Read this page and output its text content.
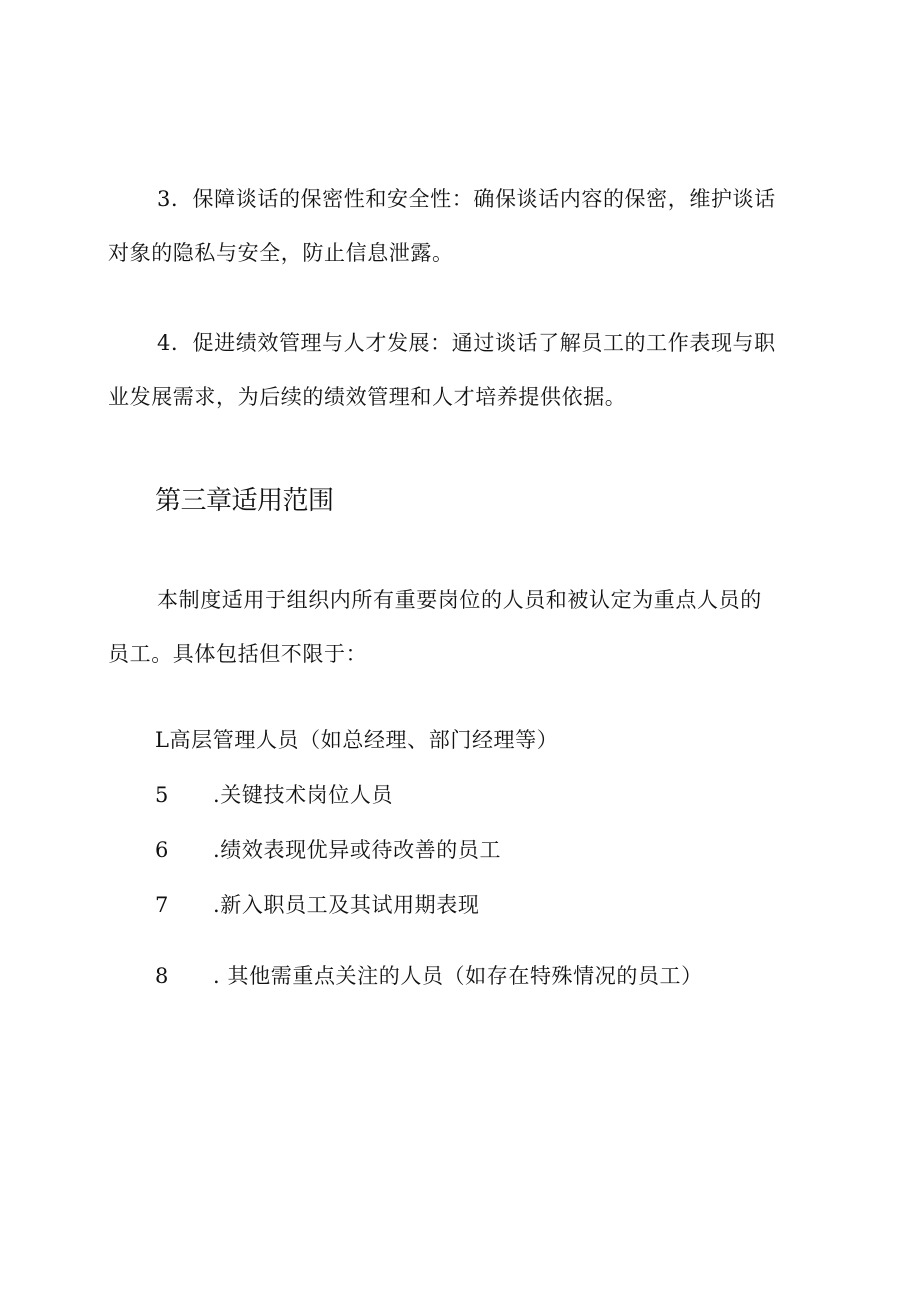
3．保障谈话的保密性和安全性：确保谈话内容的保密，维护谈话
对象的隐私与安全，防止信息泄露。
4．促进绩效管理与人才发展：通过谈话了解员工的工作表现与职
业发展需求，为后续的绩效管理和人才培养提供依据。
第三章适用范围
本制度适用于组织内所有重要岗位的人员和被认定为重点人员的
员工。具体包括但不限于：
L高层管理人员（如总经理、部门经理等）
5 .关键技术岗位人员
6 .绩效表现优异或待改善的员工
7 .新入职员工及其试用期表现
8 . 其他需重点关注的人员（如存在特殊情况的员工）
